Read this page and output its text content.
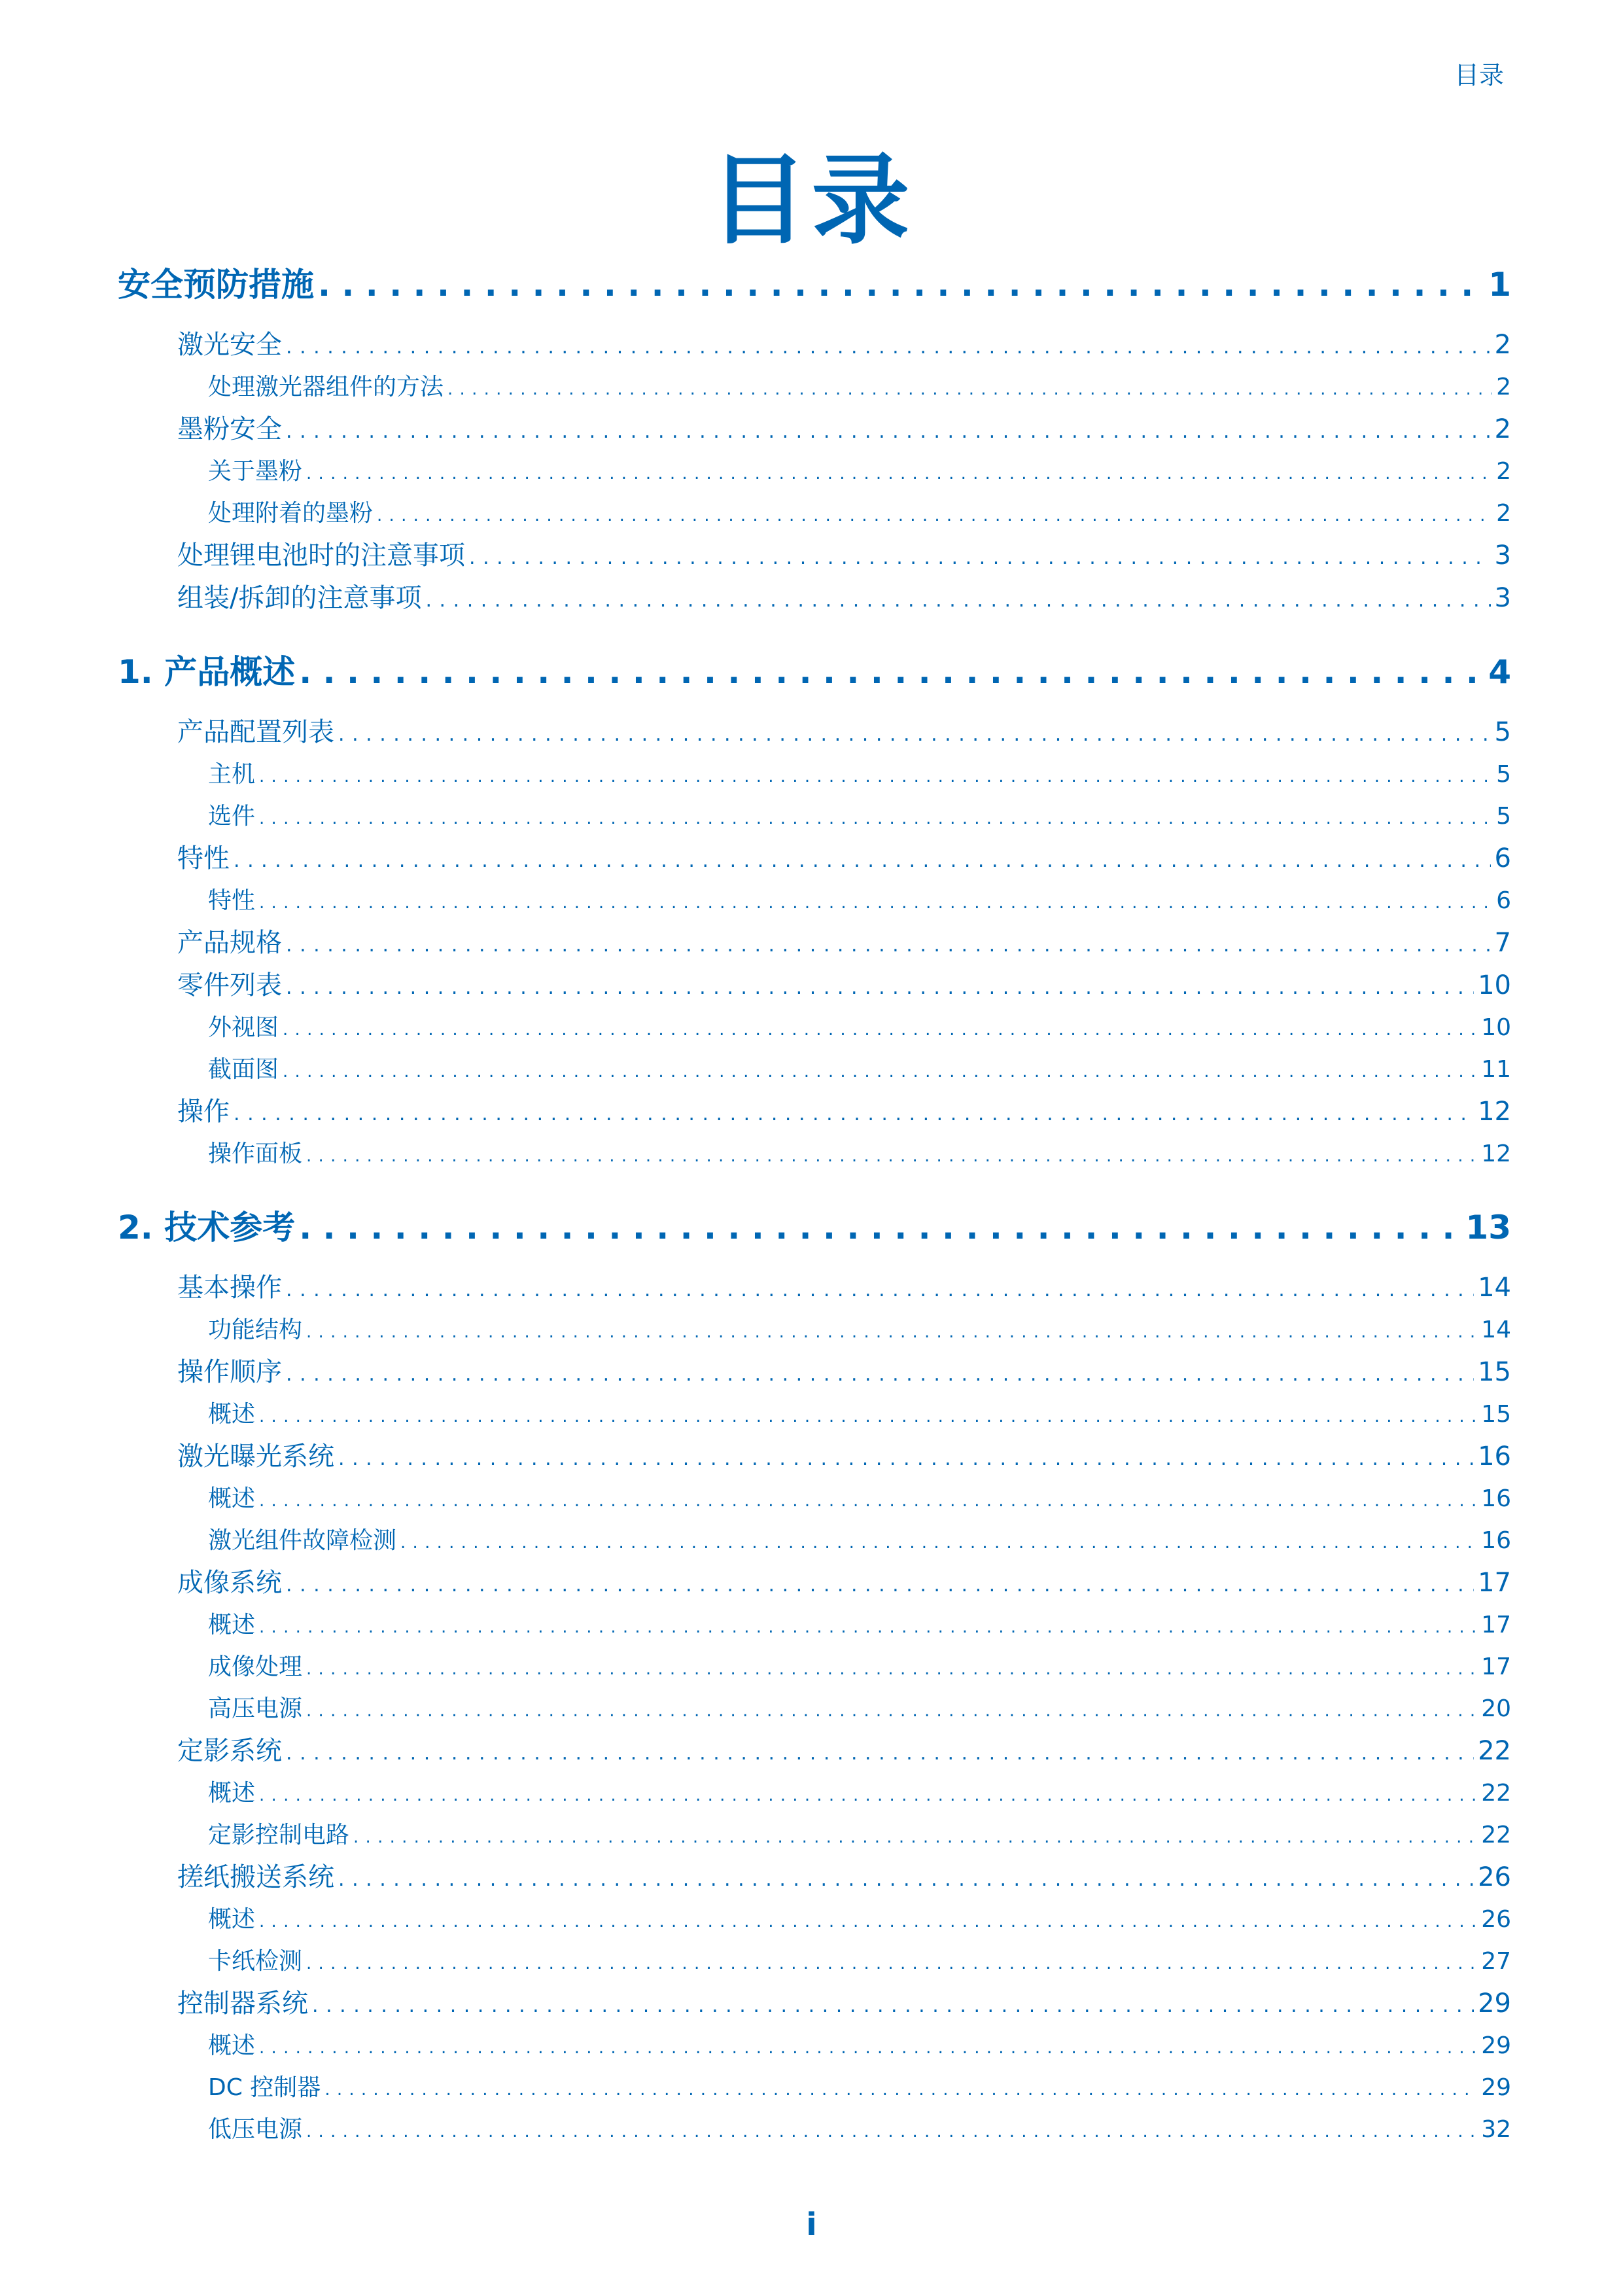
目录
目录
安全预防措施 . . .	1
激光安全 . . .	2
处理激光器组件的方法 . . .	2
墨粉安全 . . .	2
关于墨粉 . . .	2
处理附着的墨粉 . . .	2
处理锂电池时的注意事项 . . .	3
组装/拆卸的注意事项 . . .	3
1. 产品概述 . . .	4
产品配置列表 . . .	5
主机 . . .	5
选件 . . .	5
特性 . . .	6
特性 . . .	6
产品规格 . . .	7
零件列表 . . .	10
外视图 . . .	10
截面图 . . .	11
操作 . . .	12
操作面板 . . .	12
2. 技术参考 . . .	13
基本操作 . . .	14
功能结构 . . .	14
操作顺序 . . .	15
概述 . . .	15
激光曝光系统 . . .	16
概述 . . .	16
激光组件故障检测 . . .	16
成像系统 . . .	17
概述 . . .	17
成像处理 . . .	17
高压电源 . . .	20
定影系统 . . .	22
概述 . . .	22
定影控制电路 . . .	22
搓纸搬送系统 . . .	26
概述 . . .	26
卡纸检测 . . .	27
控制器系统 . . .	29
概述 . . .	29
DC 控制器 . . .	29
低压电源 . . .	32
i
